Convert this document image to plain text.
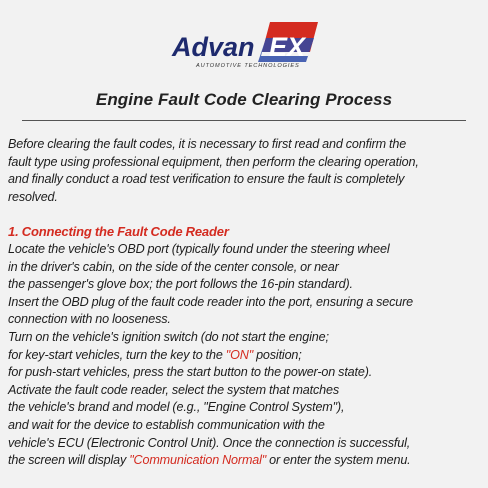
Advan EX
AUTOMOTIVE TECHNOLOGIES
Engine Fault Code Clearing Process
Before clearing the fault codes, it is necessary to first read and confirm the
fault type using professional equipment, then perform the clearing operation,
and finally conduct a road test verification to ensure the fault is completely
resolved.
1. Connecting the Fault Code Reader
Locate the vehicle's OBD port (typically found under the steering wheel
in the driver's cabin, on the side of the center console, or near
the passenger's glove box; the port follows the 16-pin standard).
Insert the OBD plug of the fault code reader into the port, ensuring a secure
connection with no looseness.
Turn on the vehicle's ignition switch (do not start the engine;
for key-start vehicles, turn the key to the "ON" position;
for push-start vehicles, press the start button to the power-on state).
Activate the fault code reader, select the system that matches
the vehicle's brand and model (e.g., "Engine Control System"),
and wait for the device to establish communication with the
vehicle's ECU (Electronic Control Unit). Once the connection is successful,
the screen will display "Communication Normal" or enter the system menu.
